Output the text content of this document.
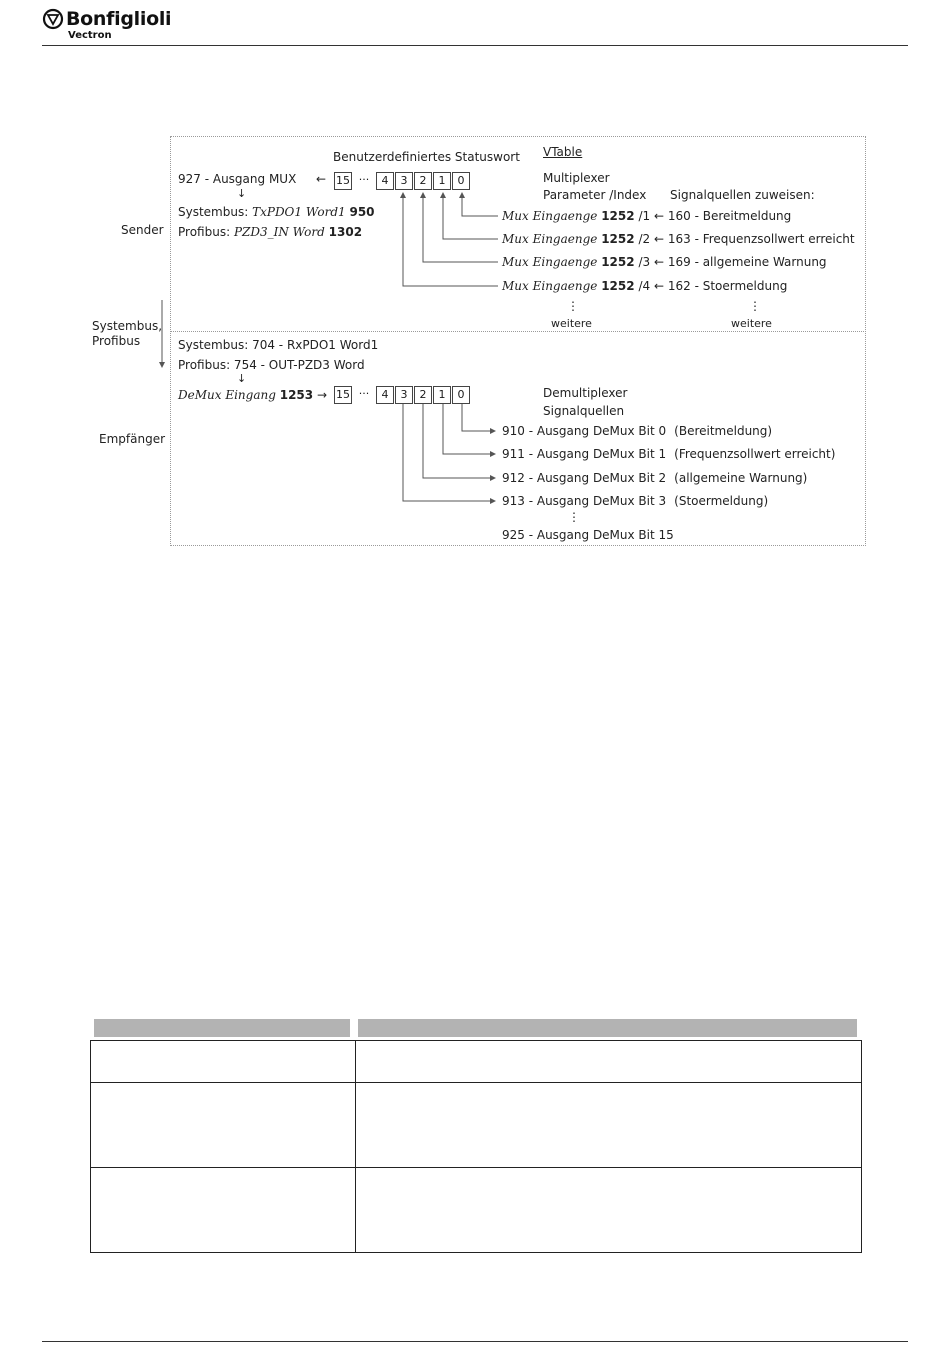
Bonfiglioli
Vectron
VTable
Benutzerdefiniertes Statuswort
927 - Ausgang MUX ←
↓
15 ···	4	3	2	1	0	Multiplexer
Parameter /Index Signalquellen zuweisen:
Systembus: TxPDO1 Word1 950
Profibus: PZD3_IN Word 1302
Sender
Mux Eingaenge 1252 /1 ← 160 - Bereitmeldung
Mux Eingaenge 1252 /2 ← 163 - Frequenzsollwert erreicht
Mux Eingaenge 1252 /3 ← 169 - allgemeine Warnung
Mux Eingaenge 1252 /4 ← 162 - Stoermeldung
⋮	⋮
weitere	weitere
Systembus, Profibus	Systembus: 704 - RxPDO1 Word1
Profibus: 754 - OUT-PZD3 Word
↓
DeMux Eingang 1253 → 15 ···	4	3	2	1	0	Demultiplexer
Signalquellen
Empfänger
910 - Ausgang DeMux Bit 0 (Bereitmeldung)
911 - Ausgang DeMux Bit 1 (Frequenzsollwert erreicht)
912 - Ausgang DeMux Bit 2 (allgemeine Warnung)
913 - Ausgang DeMux Bit 3 (Stoermeldung)
⋮
925 - Ausgang DeMux Bit 15
